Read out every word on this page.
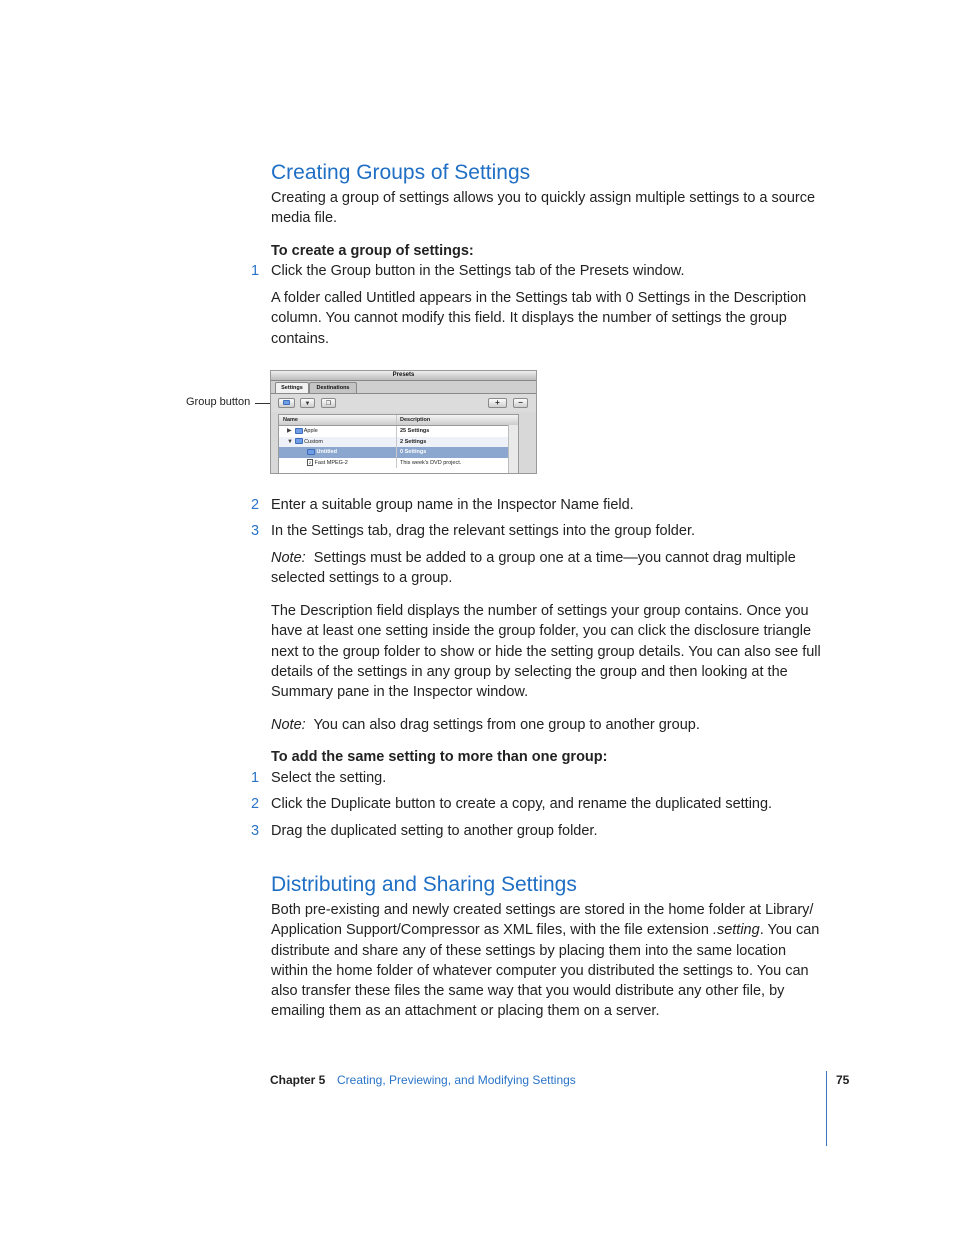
Creating Groups of Settings
Creating a group of settings allows you to quickly assign multiple settings to a source
media file.
To create a group of settings:
1 Click the Group button in the Settings tab of the Presets window.
A folder called Untitled appears in the Settings tab with 0 Settings in the Description
column. You cannot modify this field. It displays the number of settings the group
contains.
Group button
Presets
Settings	Destinations
▼	❐	+	−
Name	Description
▶ Apple	25 Settings
▼ Custom	2 Settings
Untitled	0 Settings
2 Fast MPEG-2	This week's DVD project.
2 Enter a suitable group name in the Inspector Name field.
3 In the Settings tab, drag the relevant settings into the group folder.
Note: Settings must be added to a group one at a time—you cannot drag multiple
selected settings to a group.
The Description field displays the number of settings your group contains. Once you
have at least one setting inside the group folder, you can click the disclosure triangle
next to the group folder to show or hide the setting group details. You can also see full
details of the settings in any group by selecting the group and then looking at the
Summary pane in the Inspector window.
Note: You can also drag settings from one group to another group.
To add the same setting to more than one group:
1 Select the setting.
2 Click the Duplicate button to create a copy, and rename the duplicated setting.
3 Drag the duplicated setting to another group folder.
Distributing and Sharing Settings
Both pre-existing and newly created settings are stored in the home folder at Library/
Application Support/Compressor as XML files, with the file extension .setting. You can
distribute and share any of these settings by placing them into the same location
within the home folder of whatever computer you distributed the settings to. You can
also transfer these files the same way that you would distribute any other file, by
emailing them as an attachment or placing them on a server.
Chapter 5 Creating, Previewing, and Modifying Settings	75
